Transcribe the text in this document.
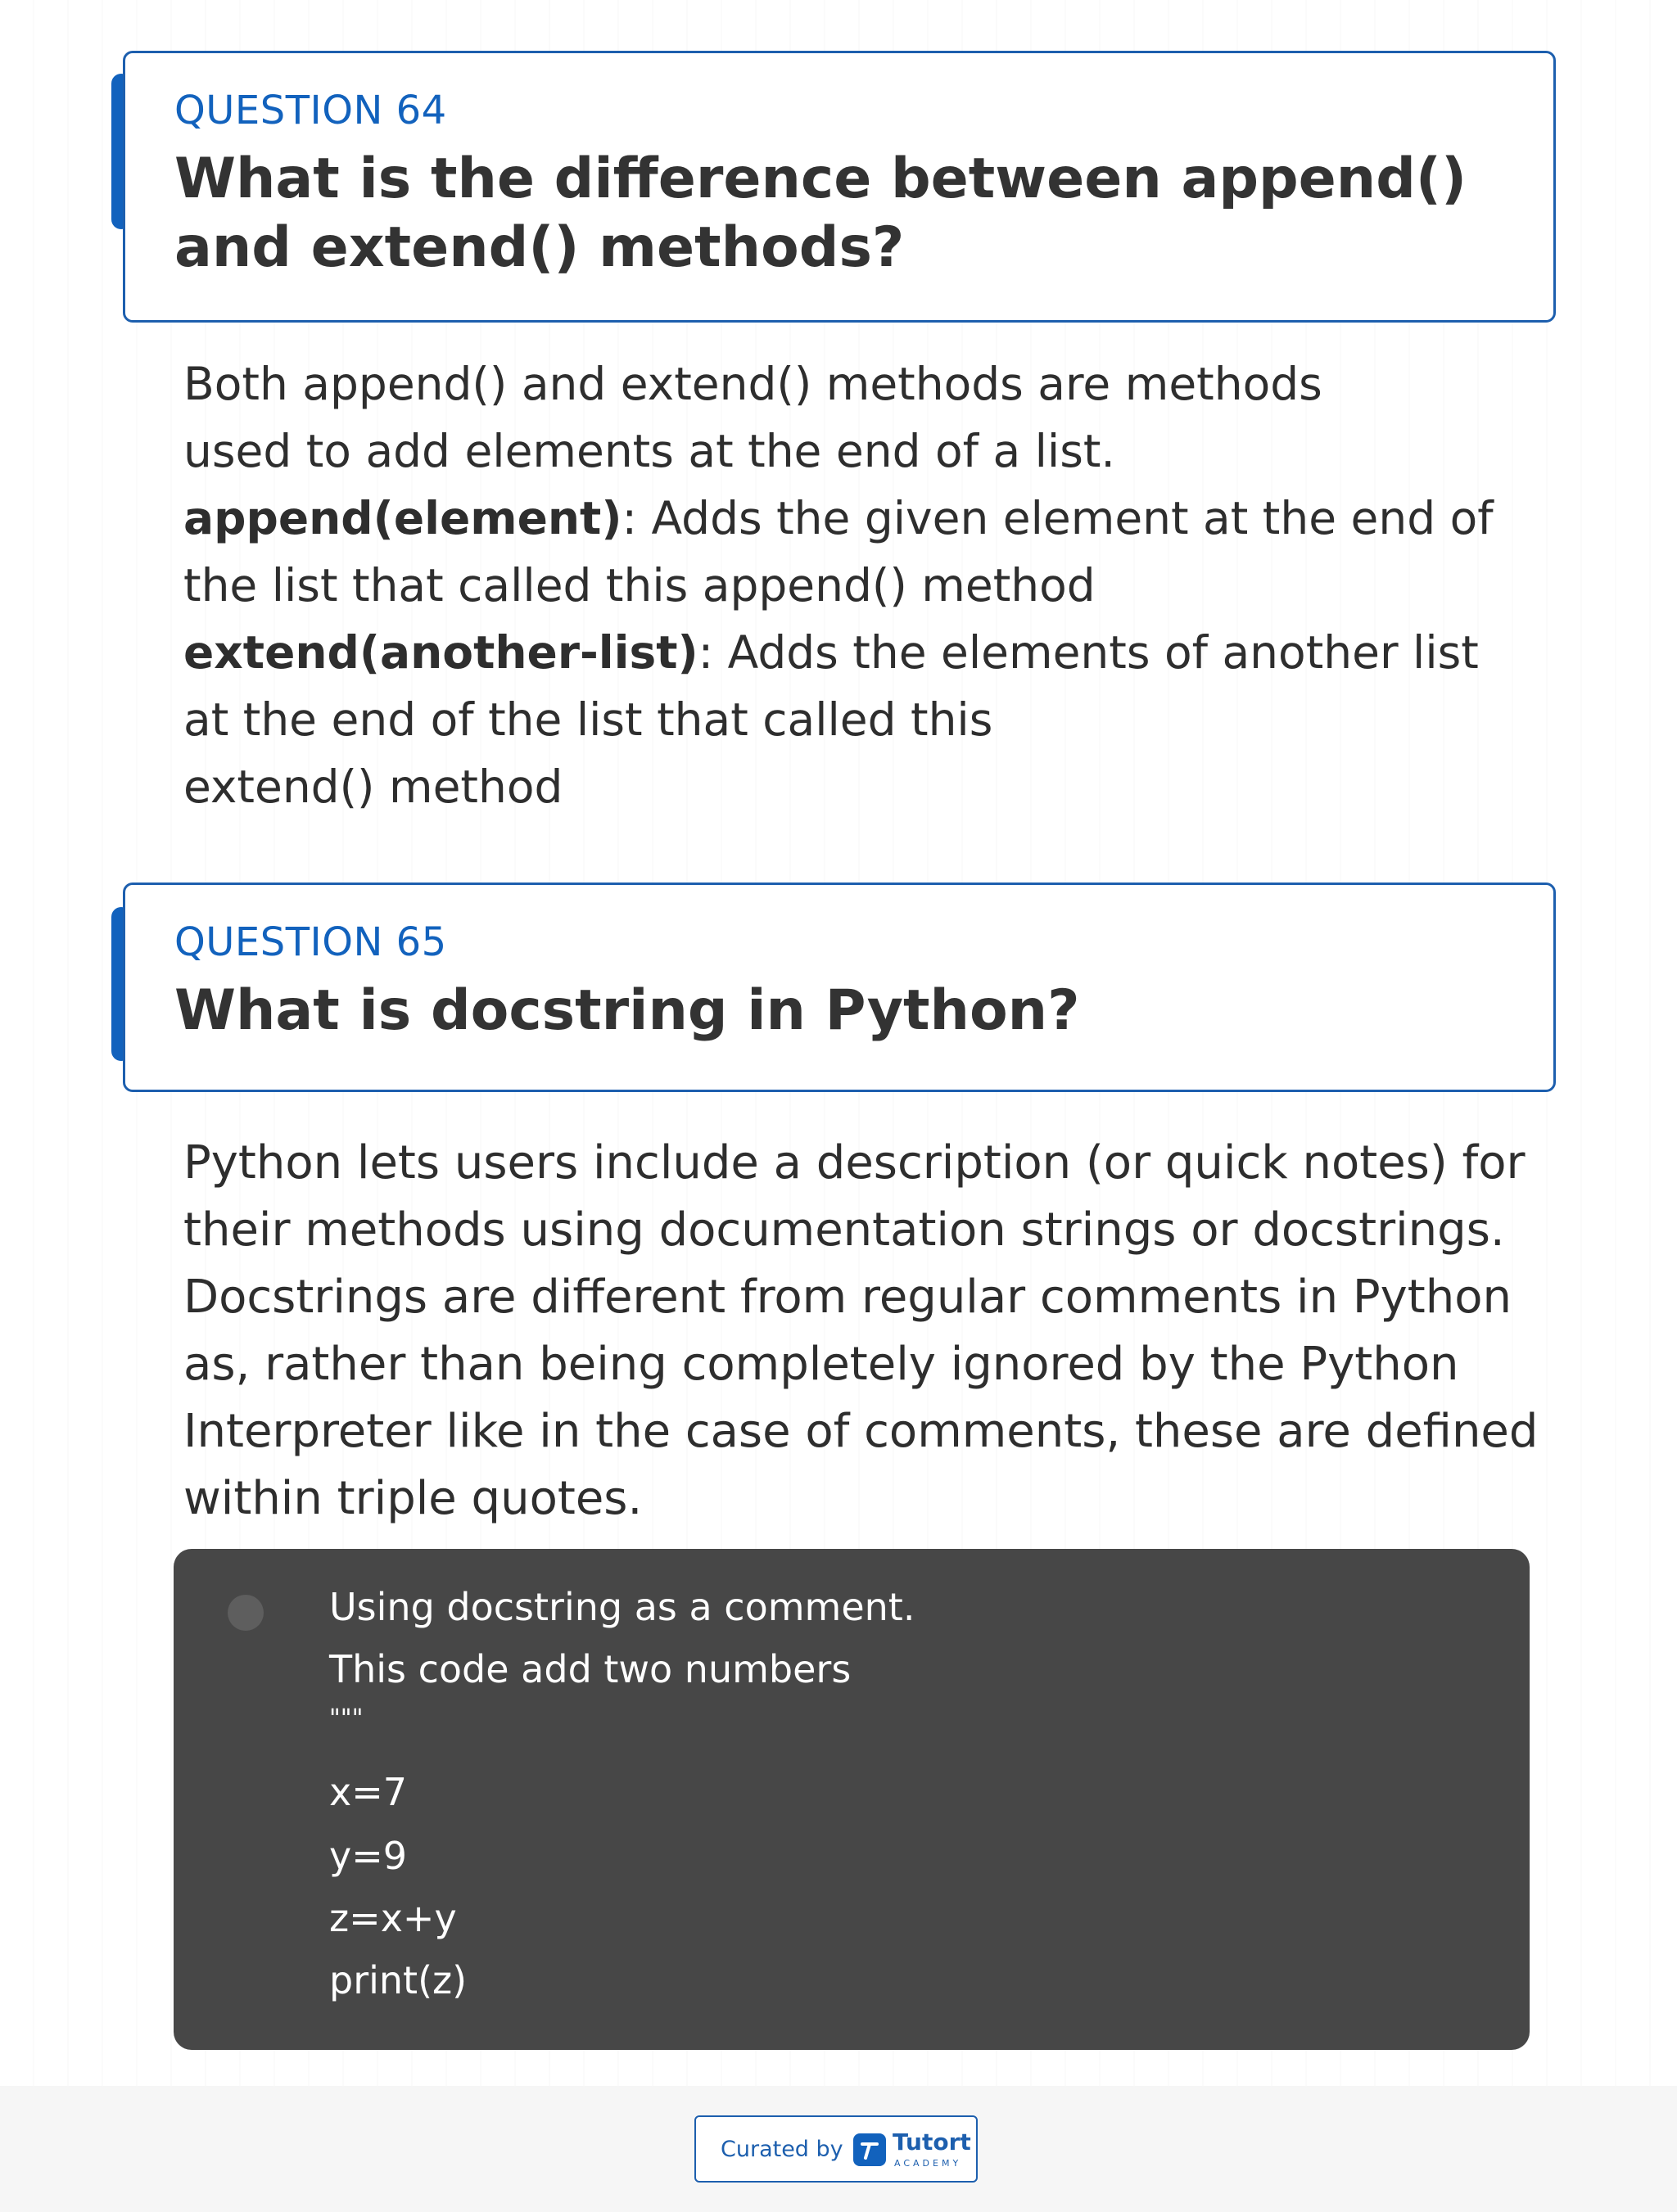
QUESTION 64
What is the difference between append()
and extend() methods?
Both append() and extend() methods are methods
used to add elements at the end of a list.
append(element): Adds the given element at the end of
the list that called this append() method
extend(another-list): Adds the elements of another list
at the end of the list that called this
extend() method
QUESTION 65
What is docstring in Python?
Python lets users include a description (or quick notes) for
their methods using documentation strings or docstrings.
Docstrings are different from regular comments in Python
as, rather than being completely ignored by the Python
Interpreter like in the case of comments, these are defined
within triple quotes.
Using docstring as a comment.
This code add two numbers
"""
x=7
y=9
z=x+y
print(z)
Curated by Tutort
ACADEMY
